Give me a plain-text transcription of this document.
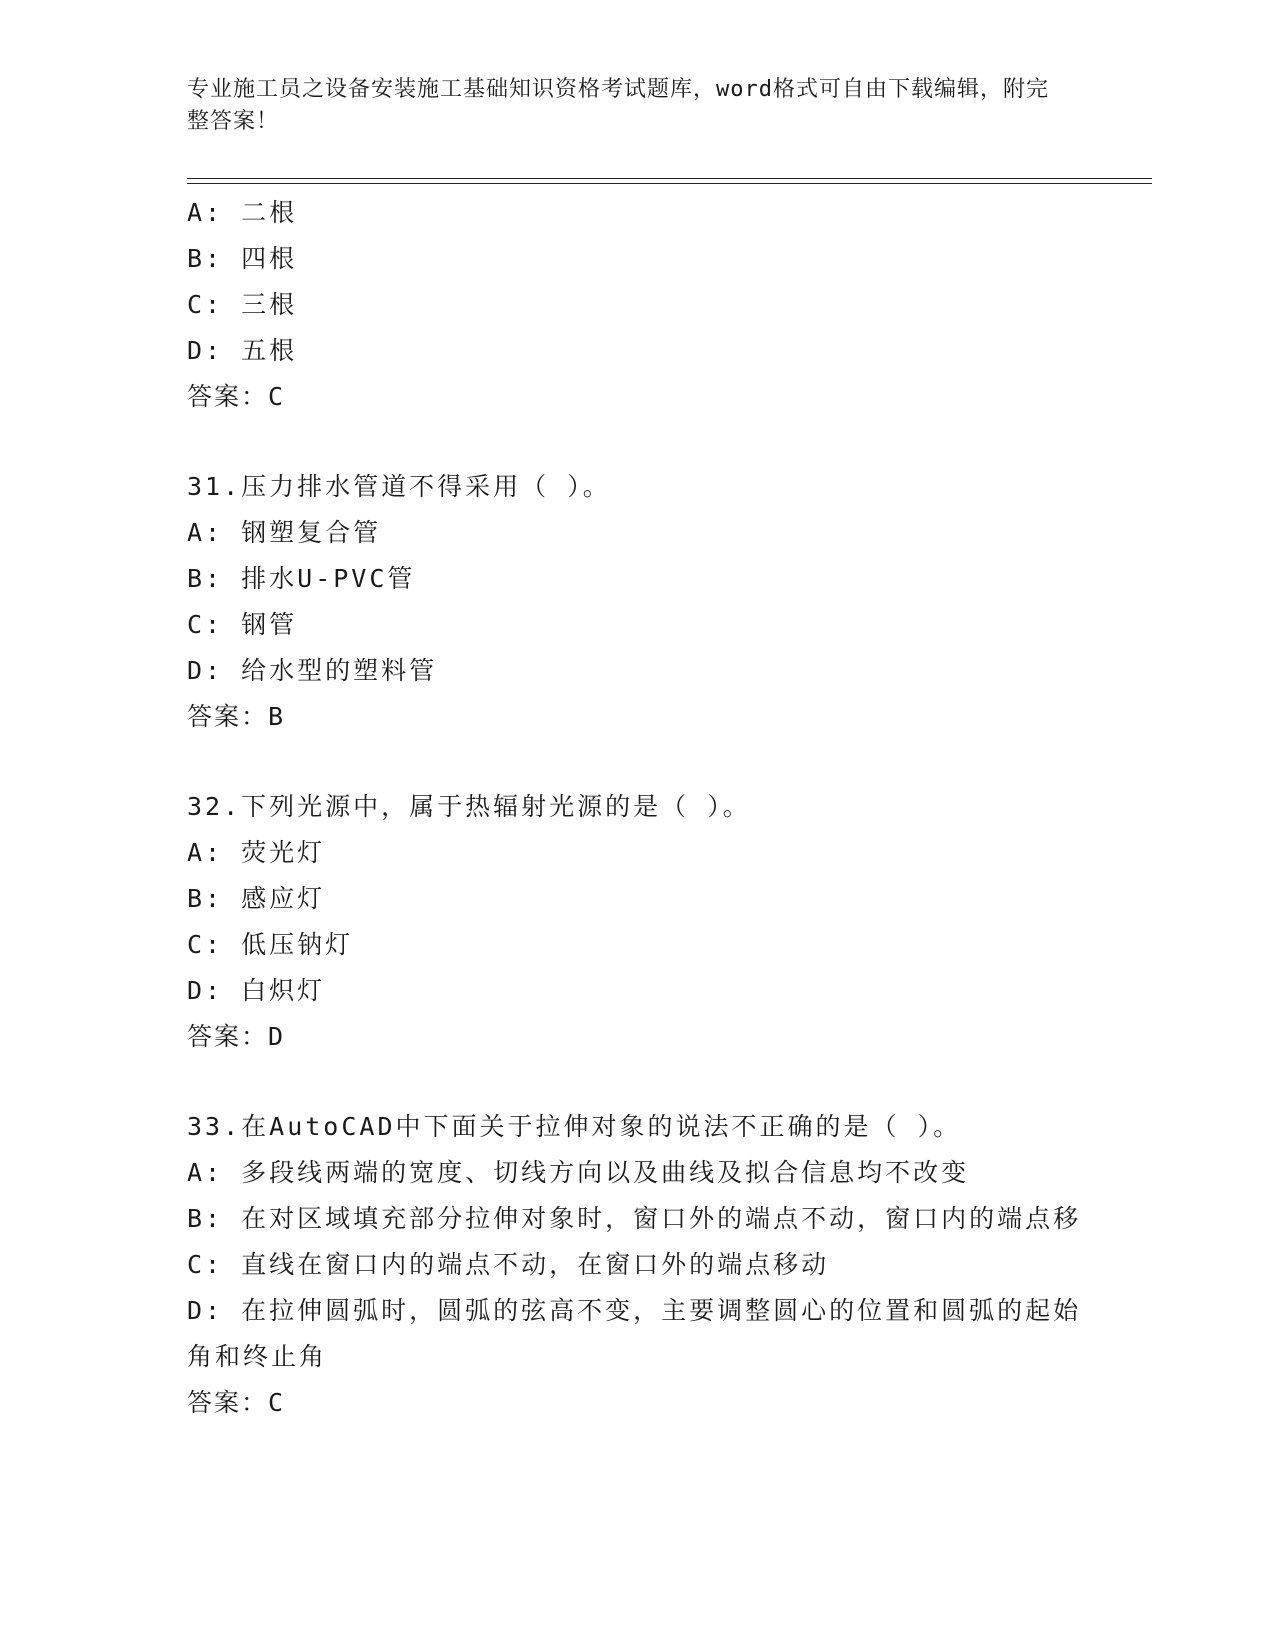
专业施工员之设备安装施工基础知识资格考试题库，word格式可自由下载编辑，附完整答案！

A: 二根

B: 四根

C: 三根

D: 五根

答案：C

31.压力排水管道不得采用（ ）。

A: 钢塑复合管

B: 排水U-PVC管

C: 钢管

D: 给水型的塑料管

答案：B

32.下列光源中，属于热辐射光源的是（ ）。

A: 荧光灯

B: 感应灯

C: 低压钠灯

D: 白炽灯

答案：D

33.在AutoCAD中下面关于拉伸对象的说法不正确的是（ ）。

A: 多段线两端的宽度、切线方向以及曲线及拟合信息均不改变

B: 在对区域填充部分拉伸对象时，窗口外的端点不动，窗口内的端点移

C: 直线在窗口内的端点不动，在窗口外的端点移动

D: 在拉伸圆弧时，圆弧的弦高不变，主要调整圆心的位置和圆弧的起始角和终止角

答案：C
